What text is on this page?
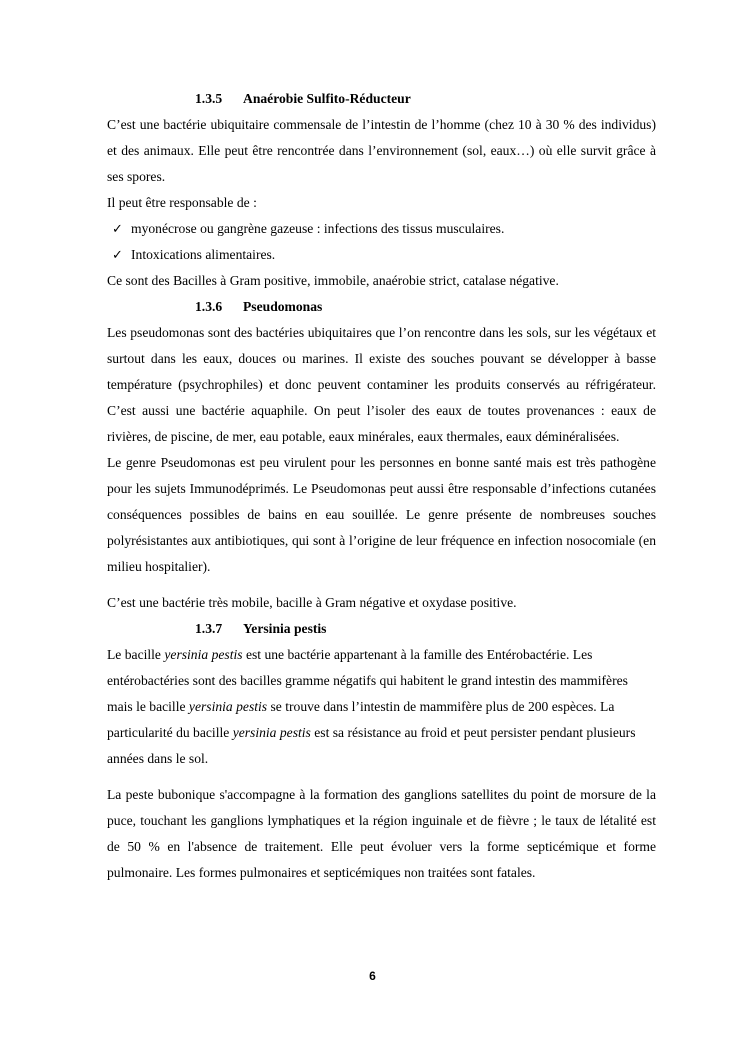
1.3.5 Anaérobie Sulfito-Réducteur

C’est une bactérie ubiquitaire commensale de l’intestin de l’homme (chez 10 à 30 % des individus) et des animaux. Elle peut être rencontrée dans l’environnement (sol, eaux…) où elle survit grâce à ses spores.

Il peut être responsable de :

✓ myonécrose ou gangrène gazeuse : infections des tissus musculaires.
✓ Intoxications alimentaires.

Ce sont des Bacilles à Gram positive, immobile, anaérobie strict, catalase négative.

1.3.6 Pseudomonas

Les pseudomonas sont des bactéries ubiquitaires que l’on rencontre dans les sols, sur les végétaux et surtout dans les eaux, douces ou marines. Il existe des souches pouvant se développer à basse température (psychrophiles) et donc peuvent contaminer les produits conservés au réfrigérateur. C’est aussi une bactérie aquaphile. On peut l’isoler des eaux de toutes provenances : eaux de rivières, de piscine, de mer, eau potable, eaux minérales, eaux thermales, eaux déminéralisées.

Le genre Pseudomonas est peu virulent pour les personnes en bonne santé mais est très pathogène pour les sujets Immunodéprimés. Le Pseudomonas peut aussi être responsable d’infections cutanées conséquences possibles de bains en eau souillée. Le genre présente de nombreuses souches polyrésistantes aux antibiotiques, qui sont à l’origine de leur fréquence en infection nosocomiale (en milieu hospitalier).

C’est une bactérie très mobile, bacille à Gram négative et oxydase positive.

1.3.7 Yersinia pestis

Le bacille yersinia pestis est une bactérie appartenant à la famille des Entérobactérie. Les entérobactéries sont des bacilles gramme négatifs qui habitent le grand intestin des mammifères mais le bacille yersinia pestis se trouve dans l’intestin de mammifère plus de 200 espèces. La particularité du bacille yersinia pestis est sa résistance au froid et peut persister pendant plusieurs années dans le sol.

La peste bubonique s'accompagne à la formation des ganglions satellites du point de morsure de la puce, touchant les ganglions lymphatiques et la région inguinale et de fièvre ; le taux de létalité est de 50 % en l'absence de traitement. Elle peut évoluer vers la forme septicémique et forme pulmonaire. Les formes pulmonaires et septicémiques non traitées sont fatales.

6
